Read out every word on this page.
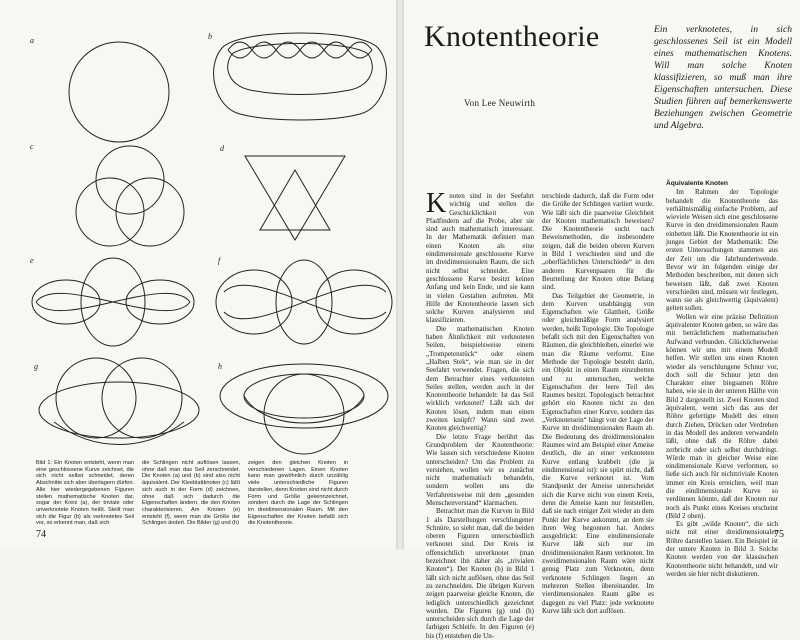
a	b
c	d
e	f
g	h
Bild 1: Ein Knoten entsteht, wenn man eine geschlossene Kurve zeichnet, die sich nicht selbst schneidet, deren Abschnitte sich aber überlagern dürfen. Alle hier wiedergegebenen Figuren stellen mathematische Knoten dar, sogar der Kreis (a), der triviale oder unverknotete Knoten heißt. Stellt man sich die Figur (b) als verknotetes Seil vor, so erkennt man, daß sich
die Schlingen nicht auflösen lassen, ohne daß man das Seil zerschneidet. Die Knoten (a) und (b) sind also nicht äquivalent. Der Kleeblattknoten (c) läßt sich auch in der Form (d) zeichnen, ohne daß sich dadurch die Eigenschaften ändern, die den Knoten charakterisieren. Am Knoten (e) entsteht (f), wenn man die Größe der Schlingen ändert. Die Bilder (g) und (h)
zeigen den gleichen Knoten in verschiedenen Lagen. Einen Knoten kann man gewöhnlich durch unzählig viele unterschiedliche Figuren darstellen, denn Knoten sind nicht durch Form und Größe gekennzeichnet, sondern durch die Lage der Schlingen im dreidimensionalen Raum. Mit den Eigenschaften der Knoten befaßt sich die Knotentheorie.
74
Knotentheorie
Von Lee Neuwirth
Ein verknotetes, in sich geschlossenes Seil ist ein Modell eines mathematischen Knotens. Will man solche Knoten klassifizieren, so muß man ihre Eigenschaften untersuchen. Diese Studien führen auf bemerkenswerte Beziehungen zwischen Geometrie und Algebra.

Knoten sind in der Seefahrt wichtig und stellen die Geschicklichkeit von Pfadfindern auf die Probe, aber sie sind auch mathematisch interessant. In der Mathematik definiert man einen Knoten als eine eindimensionale geschlossene Kurve im dreidimensionalen Raum, die sich nicht selbst schneidet. Eine geschlossene Kurve besitzt keinen Anfang und kein Ende, und sie kann in vielen Gestalten auftreten. Mit Hilfe der Knotentheorie lassen sich solche Kurven analysieren und klassifizieren.

Die mathematischen Knoten haben Ähnlichkeit mit verknoteten Seilen, beispielsweise einem „Trompetenstück“ oder einem „Halben Stek“, wie man sie in der Seefahrt verwendet. Fragen, die sich dem Betrachter eines verknoteten Seiles stellen, werden auch in der Knotentheorie behandelt: Ist das Seil wirklich verknotet? Läßt sich der Knoten lösen, indem man einen zweiten knüpft? Wann sind zwei Knoten gleichwertig?

Die letzte Frage berührt das Grundproblem der Knotentheorie: Wie lassen sich verschiedene Knoten unterscheiden? Um das Problem zu verstehen, wollen wir es zunächst nicht mathematisch behandeln, sondern wollen uns die Verfahrensweise mit dem „gesunden Menschenverstand“ klarmachen.

Betrachtet man die Kurven in Bild 1 als Darstellungen verschlungener Schnüre, so sieht man, daß die beiden oberen Figuren unterschiedlich verknotet sind. Der Kreis ist offensichtlich unverknotet (man bezeichnet ihn daher als „trivialen Knoten“). Der Knoten (b) in Bild 1 läßt sich nicht auflösen, ohne das Seil zu zerschneiden. Die übrigen Kurven zeigen paarweise gleiche Knoten, die lediglich unterschiedlich gezeichnet wurden. Die Figuren (g) und (h) unterscheiden sich durch die Lage der farbigen Schleife. In den Figuren (e) bis (f) entstehen die Un-

terschiede dadurch, daß die Form oder die Größe der Schlingen variiert wurde. Wie läßt sich die paarweise Gleichheit der Knoten mathematisch beweisen? Die Knotentheorie sucht nach Beweismethoden, die insbesondere zeigen, daß die beiden oberen Kurven in Bild 1 verschieden sind und die „oberflächlichen Unterschiede“ in den anderen Kurvenpaaren für die Beurteilung der Knoten ohne Belang sind.

Das Teilgebiet der Geometrie, in dem Kurven unabhängig von Eigenschaften wie Glattheit, Größe oder gleichmäßige Form analysiert werden, heißt Topologie. Die Topologie befaßt sich mit den Eigenschaften von Räumen, die gleichbleiben, einerlei wie man die Räume verformt. Eine Methode der Topologie besteht darin, ein Objekt in einen Raum einzubetten und zu untersuchen, welche Eigenschaften der leere Teil des Raumes besitzt. Topologisch betrachtet gehört ein Knoten nicht zu den Eigenschaften einer Kurve, sondern das „Verknotetsein“ hängt von der Lage der Kurve im dreidimensionalen Raum ab. Die Bedeutung des dreidimensionalen Raumes wird am Beispiel einer Ameise deutlich, die an einer verknoteten Kurve entlang krabbelt (die ja eindimensional ist): sie spürt nicht, daß die Kurve verknotet ist. Vom Standpunkt der Ameise unterscheidet sich die Kurve nicht von einem Kreis, denn die Ameise kann nur feststellen, daß sie nach einiger Zeit wieder an dem Punkt der Kurve ankommt, an dem sie ihren Weg begonnen hat. Anders ausgedrückt: Eine eindimensionale Kurve läßt sich nur im dreidimensionalen Raum verknoten. Im zweidimensionalen Raum wäre nicht genug Platz zum Verknoten, denn verknotete Schlingen liegen an mehreren Stellen übereinander. Im vierdimensionalen Raum gäbe es dagegen zu viel Platz: jede verknotete Kurve läßt sich dort auflösen.

Äquivalente Knoten

Im Rahmen der Topologie behandelt die Knotentheorie das verhältnismäßig einfache Problem, auf wieviele Weisen sich eine geschlossene Kurve in den dreidimensionalen Raum einbetten läßt. Die Knotentheorie ist ein junges Gebiet der Mathematik: Die ersten Untersuchungen stammen aus der Zeit um die Jahrhundertwende. Bevor wir im folgenden einige der Methoden beschreiben, mit denen sich beweisen läßt, daß zwei Knoten verschieden sind, müssen wir festlegen, wann sie als gleichwertig (äquivalent) gelten sollen.

Wollen wir eine präzise Definition äquivalenter Knoten geben, so wäre das mit beträchtlichem mathematischen Aufwand verbunden. Glücklicherweise können wir uns mit einem Modell helfen. Wir stellen uns einen Knoten wieder als verschlungene Schnur vor, doch soll die Schnur jetzt den Charakter einer biegsamen Röhre haben, wie sie in der unteren Hälfte von Bild 2 dargestellt ist. Zwei Knoten sind äquivalent, wenn sich das aus der Röhre gefertigte Modell des einen durch Ziehen, Drücken oder Verdrehen in das Modell des anderen verwandeln läßt, ohne daß die Röhre dabei zerbricht oder sich selbst durchdringt. Würde man in gleicher Weise eine eindimensionale Kurve verformen, so ließe sich auch für nichttriviale Knoten immer ein Kreis erreichen, weil man die eindimensionale Kurve so verdünnen könnte, daß der Knoten nur noch als Punkt eines Kreises erscheint (Bild 2 oben).

Es gibt „wilde Knoten“, die sich nicht mit einer dreidimensionalen Röhre darstellen lassen. Ein Beispiel ist der untere Knoten in Bild 3. Solche Knoten werden von der klassischen Knotentheorie nicht behandelt, und wir werden sie hier nicht diskutieren.

75
